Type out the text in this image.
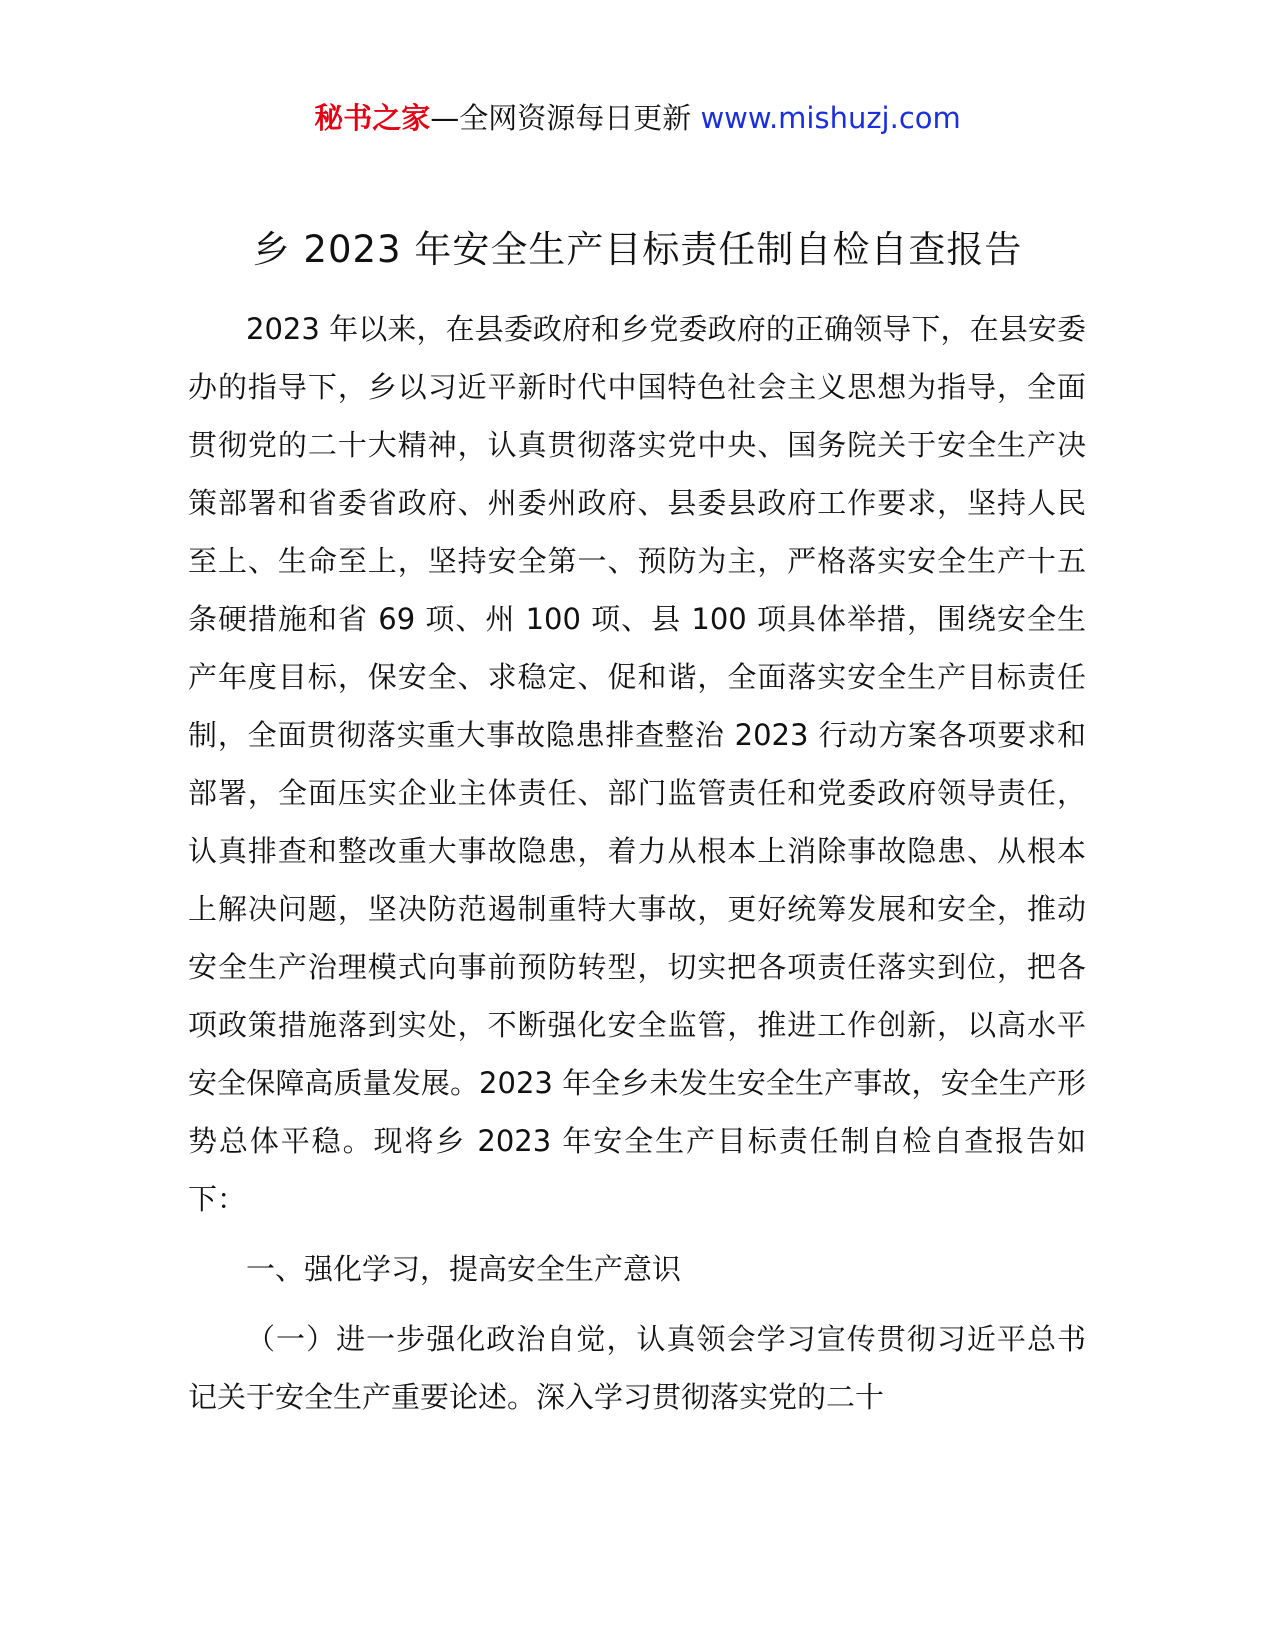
秘书之家—全网资源每日更新 www.mishuzj.com
乡 2023 年安全生产目标责任制自检自查报告

2023 年以来，在县委政府和乡党委政府的正确领导下，在县安委办的指导下，乡以习近平新时代中国特色社会主义思想为指导，全面贯彻党的二十大精神，认真贯彻落实党中央、国务院关于安全生产决策部署和省委省政府、州委州政府、县委县政府工作要求，坚持人民至上、生命至上，坚持安全第一、预防为主，严格落实安全生产十五条硬措施和省 69 项、州 100 项、县 100 项具体举措，围绕安全生产年度目标，保安全、求稳定、促和谐，全面落实安全生产目标责任制，全面贯彻落实重大事故隐患排查整治 2023 行动方案各项要求和部署，全面压实企业主体责任、部门监管责任和党委政府领导责任，认真排查和整改重大事故隐患，着力从根本上消除事故隐患、从根本上解决问题，坚决防范遏制重特大事故，更好统筹发展和安全，推动安全生产治理模式向事前预防转型，切实把各项责任落实到位，把各项政策措施落到实处，不断强化安全监管，推进工作创新，以高水平安全保障高质量发展。2023 年全乡未发生安全生产事故，安全生产形势总体平稳。现将乡 2023 年安全生产目标责任制自检自查报告如下：

一、强化学习，提高安全生产意识

（一）进一步强化政治自觉，认真领会学习宣传贯彻习近平总书记关于安全生产重要论述。深入学习贯彻落实党的二十
